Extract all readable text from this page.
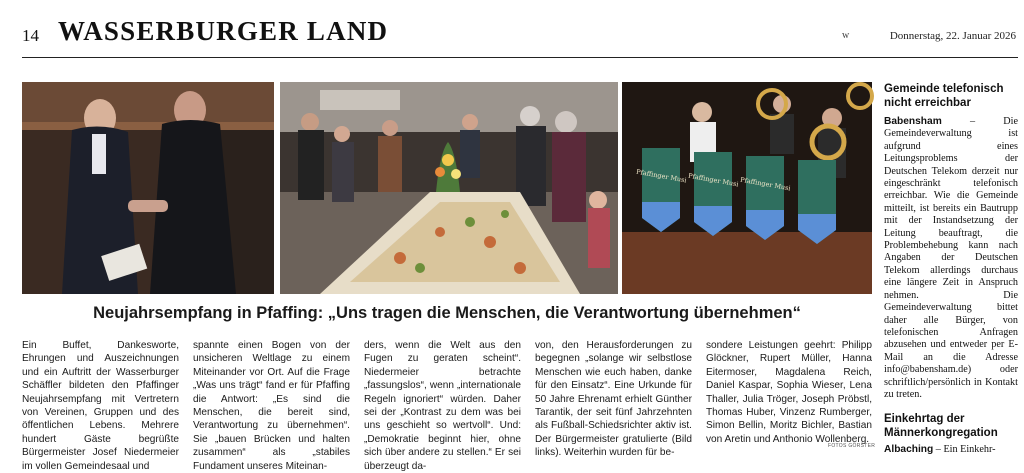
14 WASSERBURGER LAND	w	Donnerstag, 22. Januar 2026
Pfaffinger Musi Pfaffinger Musi Pfaffinger Musi
Neujahrsempfang in Pfaffing: „Uns tragen die Menschen, die Verantwortung übernehmen“

Ein Buffet, Dankesworte, Ehrungen und Auszeichnungen und ein Auftritt der Wasserburger Schäffler bildeten den Pfaffinger Neujahrsempfang mit Vertretern von Vereinen, Gruppen und des öffentlichen Lebens. Mehrere hundert Gäste begrüßte Bürgermeister Josef Niedermeier im vollen Gemeindesaal und

spannte einen Bogen von der unsicheren Weltlage zu einem Miteinander vor Ort. Auf die Frage „Was uns trägt“ fand er für Pfaffing die Antwort: „Es sind die Menschen, die bereit sind, Verantwortung zu übernehmen“. Sie „bauen Brücken und halten zusammen“ als „stabiles Fundament unseres Miteinan-

ders, wenn die Welt aus den Fugen zu geraten scheint“. Niedermeier betrachte „fassungslos“, wenn „internationale Regeln ignoriert“ würden. Daher sei der „Kontrast zu dem was bei uns geschieht so wertvoll“. Und: „Demokratie beginnt hier, ohne sich über andere zu stellen.“ Er sei überzeugt da-

von, den Herausforderungen zu begegnen „solange wir selbstlose Menschen wie euch haben, danke für den Einsatz“. Eine Urkunde für 50 Jahre Ehrenamt erhielt Günther Tarantik, der seit fünf Jahrzehnten als Fußball-Schiedsrichter aktiv ist. Der Bürgermeister gratulierte (Bild links). Weiterhin wurden für be-

sondere Leistungen geehrt: Philipp Glöckner, Rupert Müller, Hanna Eitermoser, Magdalena Reich, Daniel Kaspar, Sophia Wieser, Lena Thaller, Julia Tröger, Joseph Pröbstl, Thomas Huber, Vinzenz Rumberger, Simon Bellin, Moritz Bichler, Bastian von Aretin und Anthonio Wollenberg.

FOTOS GÖRSTER
Gemeinde telefonisch nicht erreichbar

Babensham – Die Gemeindeverwaltung ist aufgrund eines Leitungsproblems der Deutschen Telekom derzeit nur eingeschränkt telefonisch erreichbar. Wie die Gemeinde mitteilt, ist bereits ein Bautrupp mit der Instandsetzung der Leitung beauftragt, die Problembehebung kann nach Angaben der Deutschen Telekom allerdings durchaus eine längere Zeit in Anspruch nehmen. Die Gemeindeverwaltung bittet daher alle Bürger, von telefonischen Anfragen abzusehen und entweder per E-Mail an die Adresse info@babensham.de) oder schriftlich/persönlich in Kontakt zu treten.

Einkehrtag der Männerkongregation

Albaching – Ein Einkehr-
